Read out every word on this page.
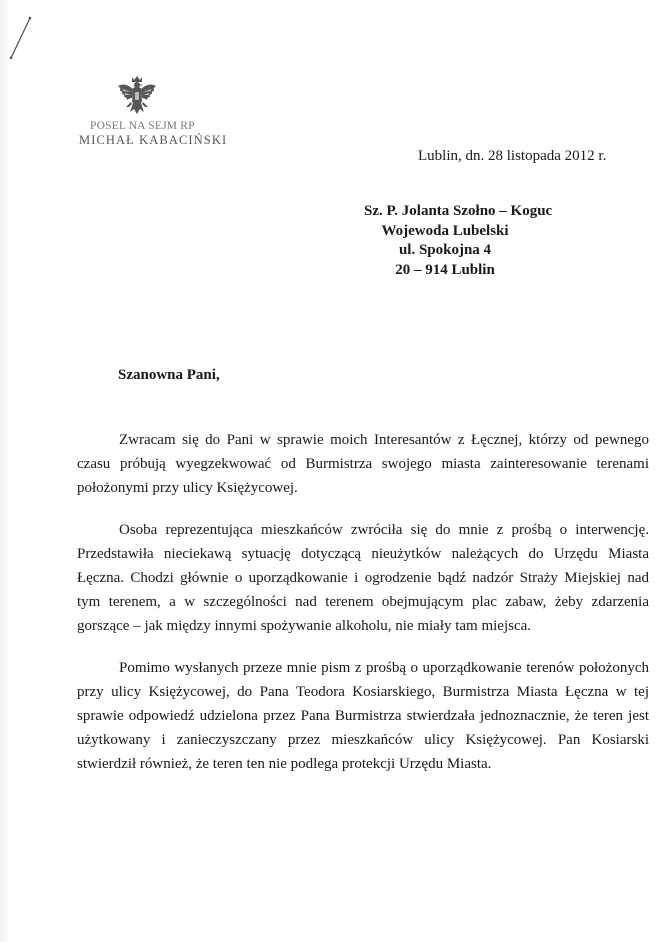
POSEL NA SEJM RP
MICHAŁ KABACIŃSKI
Lublin, dn. 28 listopada 2012 r.
Sz. P. Jolanta Szołno – Koguc
Wojewoda Lubelski
ul. Spokojna 4
20 – 914 Lublin
Szanowna Pani,
Zwracam się do Pani w sprawie moich Interesantów z Łęcznej, którzy od pewnego
czasu próbują wyegzekwować od Burmistrza swojego miasta zainteresowanie terenami
położonymi przy ulicy Księżycowej.
Osoba reprezentująca mieszkańców zwróciła się do mnie z prośbą o interwencję.
Przedstawiła nieciekawą sytuację dotyczącą nieużytków należących do Urzędu Miasta
Łęczna. Chodzi głównie o uporządkowanie i ogrodzenie bądź nadzór Straży Miejskiej nad
tym terenem, a w szczególności nad terenem obejmującym plac zabaw, żeby zdarzenia
gorszące – jak między innymi spożywanie alkoholu, nie miały tam miejsca.
Pomimo wysłanych przeze mnie pism z prośbą o uporządkowanie terenów położonych
przy ulicy Księżycowej, do Pana Teodora Kosiarskiego, Burmistrza Miasta Łęczna w tej
sprawie odpowiedź udzielona przez Pana Burmistrza stwierdzała jednoznacznie, że teren jest
użytkowany i zanieczyszczany przez mieszkańców ulicy Księżycowej. Pan Kosiarski
stwierdził również, że teren ten nie podlega protekcji Urzędu Miasta.
